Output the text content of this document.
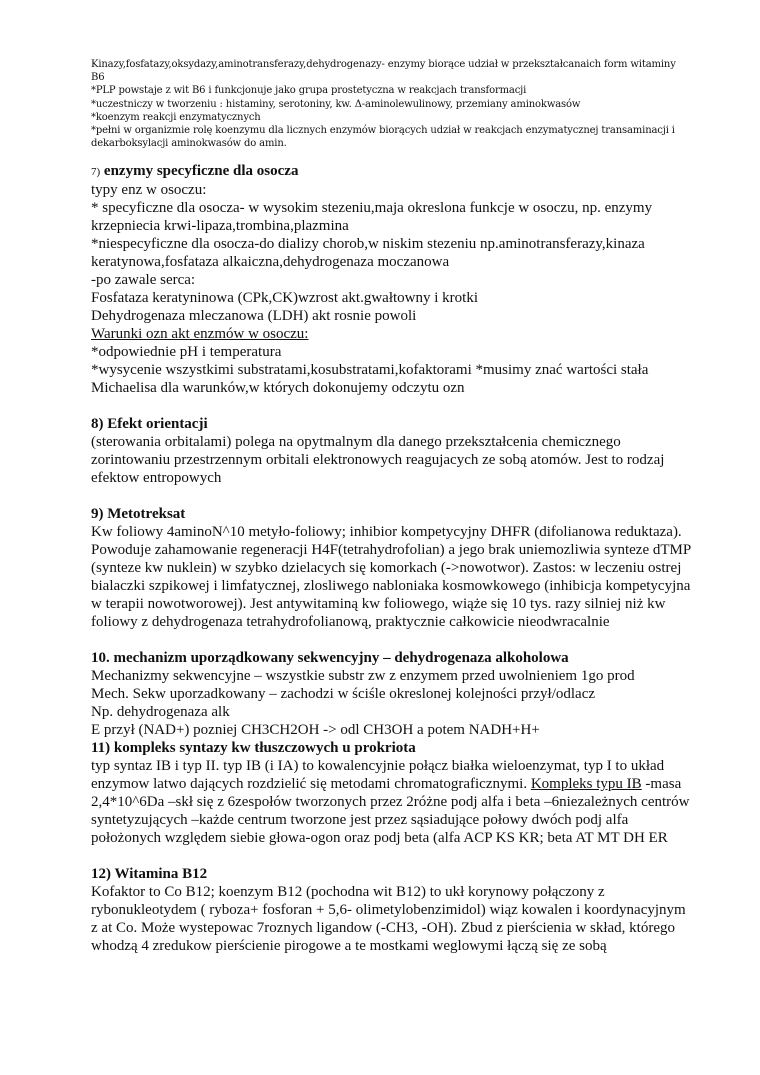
Kinazy,fosfatazy,oksydazy,aminotransferazy,dehydrogenazy- enzymy biorące udział w przekształcanaich form witaminy B6

*PLP powstaje z wit B6 i funkcjonuje jako grupa prostetyczna w reakcjach transformacji

*uczestniczy w tworzeniu : histaminy, serotoniny, kw. Δ-aminolewulinowy, przemiany aminokwasów

*koenzym reakcji enzymatycznych

*pełni w organizmie rolę koenzymu dla licznych enzymów biorących udział w reakcjach enzymatycznej transaminacji i dekarboksylacji aminokwasów do amin.

7) enzymy specyficzne dla osocza

typy enz w osoczu:

* specyficzne dla osocza- w wysokim stezeniu,maja okreslona funkcje w osoczu, np. enzymy krzepniecia krwi-lipaza,trombina,plazmina

*niespecyficzne dla osocza-do dializy chorob,w niskim stezeniu np.aminotransferazy,kinaza keratynowa,fosfataza alkaiczna,dehydrogenaza moczanowa

-po zawale serca:

Fosfataza keratyninowa (CPk,CK)wzrost akt.gwałtowny i krotki

Dehydrogenaza mleczanowa (LDH) akt rosnie powoli

Warunki ozn akt enzmów w osoczu:

*odpowiednie pH i temperatura

*wysycenie wszystkimi substratami,kosubstratami,kofaktorami *musimy znać wartości stała Michaelisa dla warunków,w których dokonujemy odczytu ozn

8) Efekt orientacji

(sterowania orbitalami) polega na opytmalnym dla danego przekształcenia chemicznego zorintowaniu przestrzennym orbitali elektronowych reagujacych ze sobą atomów. Jest to rodzaj efektow entropowych

9) Metotreksat

Kw foliowy 4aminoN^10 metyło-foliowy; inhibior kompetycyjny DHFR (difolianowa reduktaza). Powoduje zahamowanie regeneracji H4F(tetrahydrofolian) a jego brak uniemozliwia synteze dTMP (synteze kw nuklein) w szybko dzielacych się komorkach (->nowotwor). Zastos: w leczeniu ostrej bialaczki szpikowej i limfatycznej, zlosliwego nabloniaka kosmowkowego (inhibicja kompetycyjna w terapii nowotworowej). Jest antywitaminą kw foliowego, wiąże się 10 tys. razy silniej niż kw foliowy z dehydrogenaza tetrahydrofolianową, praktycznie całkowicie nieodwracalnie

10. mechanizm uporządkowany sekwencyjny – dehydrogenaza alkoholowa

Mechanizmy sekwencyjne – wszystkie substr zw z enzymem przed uwolnieniem 1go prod

Mech. Sekw uporzadkowany – zachodzi w ściśle okreslonej kolejności przył/odlacz

Np. dehydrogenaza alk

E przył (NAD+) pozniej CH3CH2OH -> odl CH3OH a potem NADH+H+

11) kompleks syntazy kw tłuszczowych u prokriota

typ syntaz IB i typ II. typ IB (i IA) to kowalencyjnie połącz białka wieloenzymat, typ I to układ enzymow latwo dających rozdzielić się metodami chromatograficznymi. Kompleks typu IB -masa 2,4*10^6Da –skł się z 6zespołów tworzonych przez 2różne podj alfa i beta –6niezależnych centrów syntetyzujących –każde centrum tworzone jest przez sąsiadujące połowy dwóch podj alfa położonych względem siebie głowa-ogon oraz podj beta (alfa ACP KS KR; beta AT MT DH ER

12) Witamina B12

Kofaktor to Co B12; koenzym B12 (pochodna wit B12) to ukł korynowy połączony z rybonukleotydem ( ryboza+ fosforan + 5,6- olimetylobenzimidol) wiąz kowalen i koordynacyjnym z at Co. Może wystepowac 7roznych ligandow (-CH3, -OH). Zbud z pierścienia w skład, którego whodzą 4 zredukow pierścienie pirogowe a te mostkami weglowymi łączą się ze sobą
